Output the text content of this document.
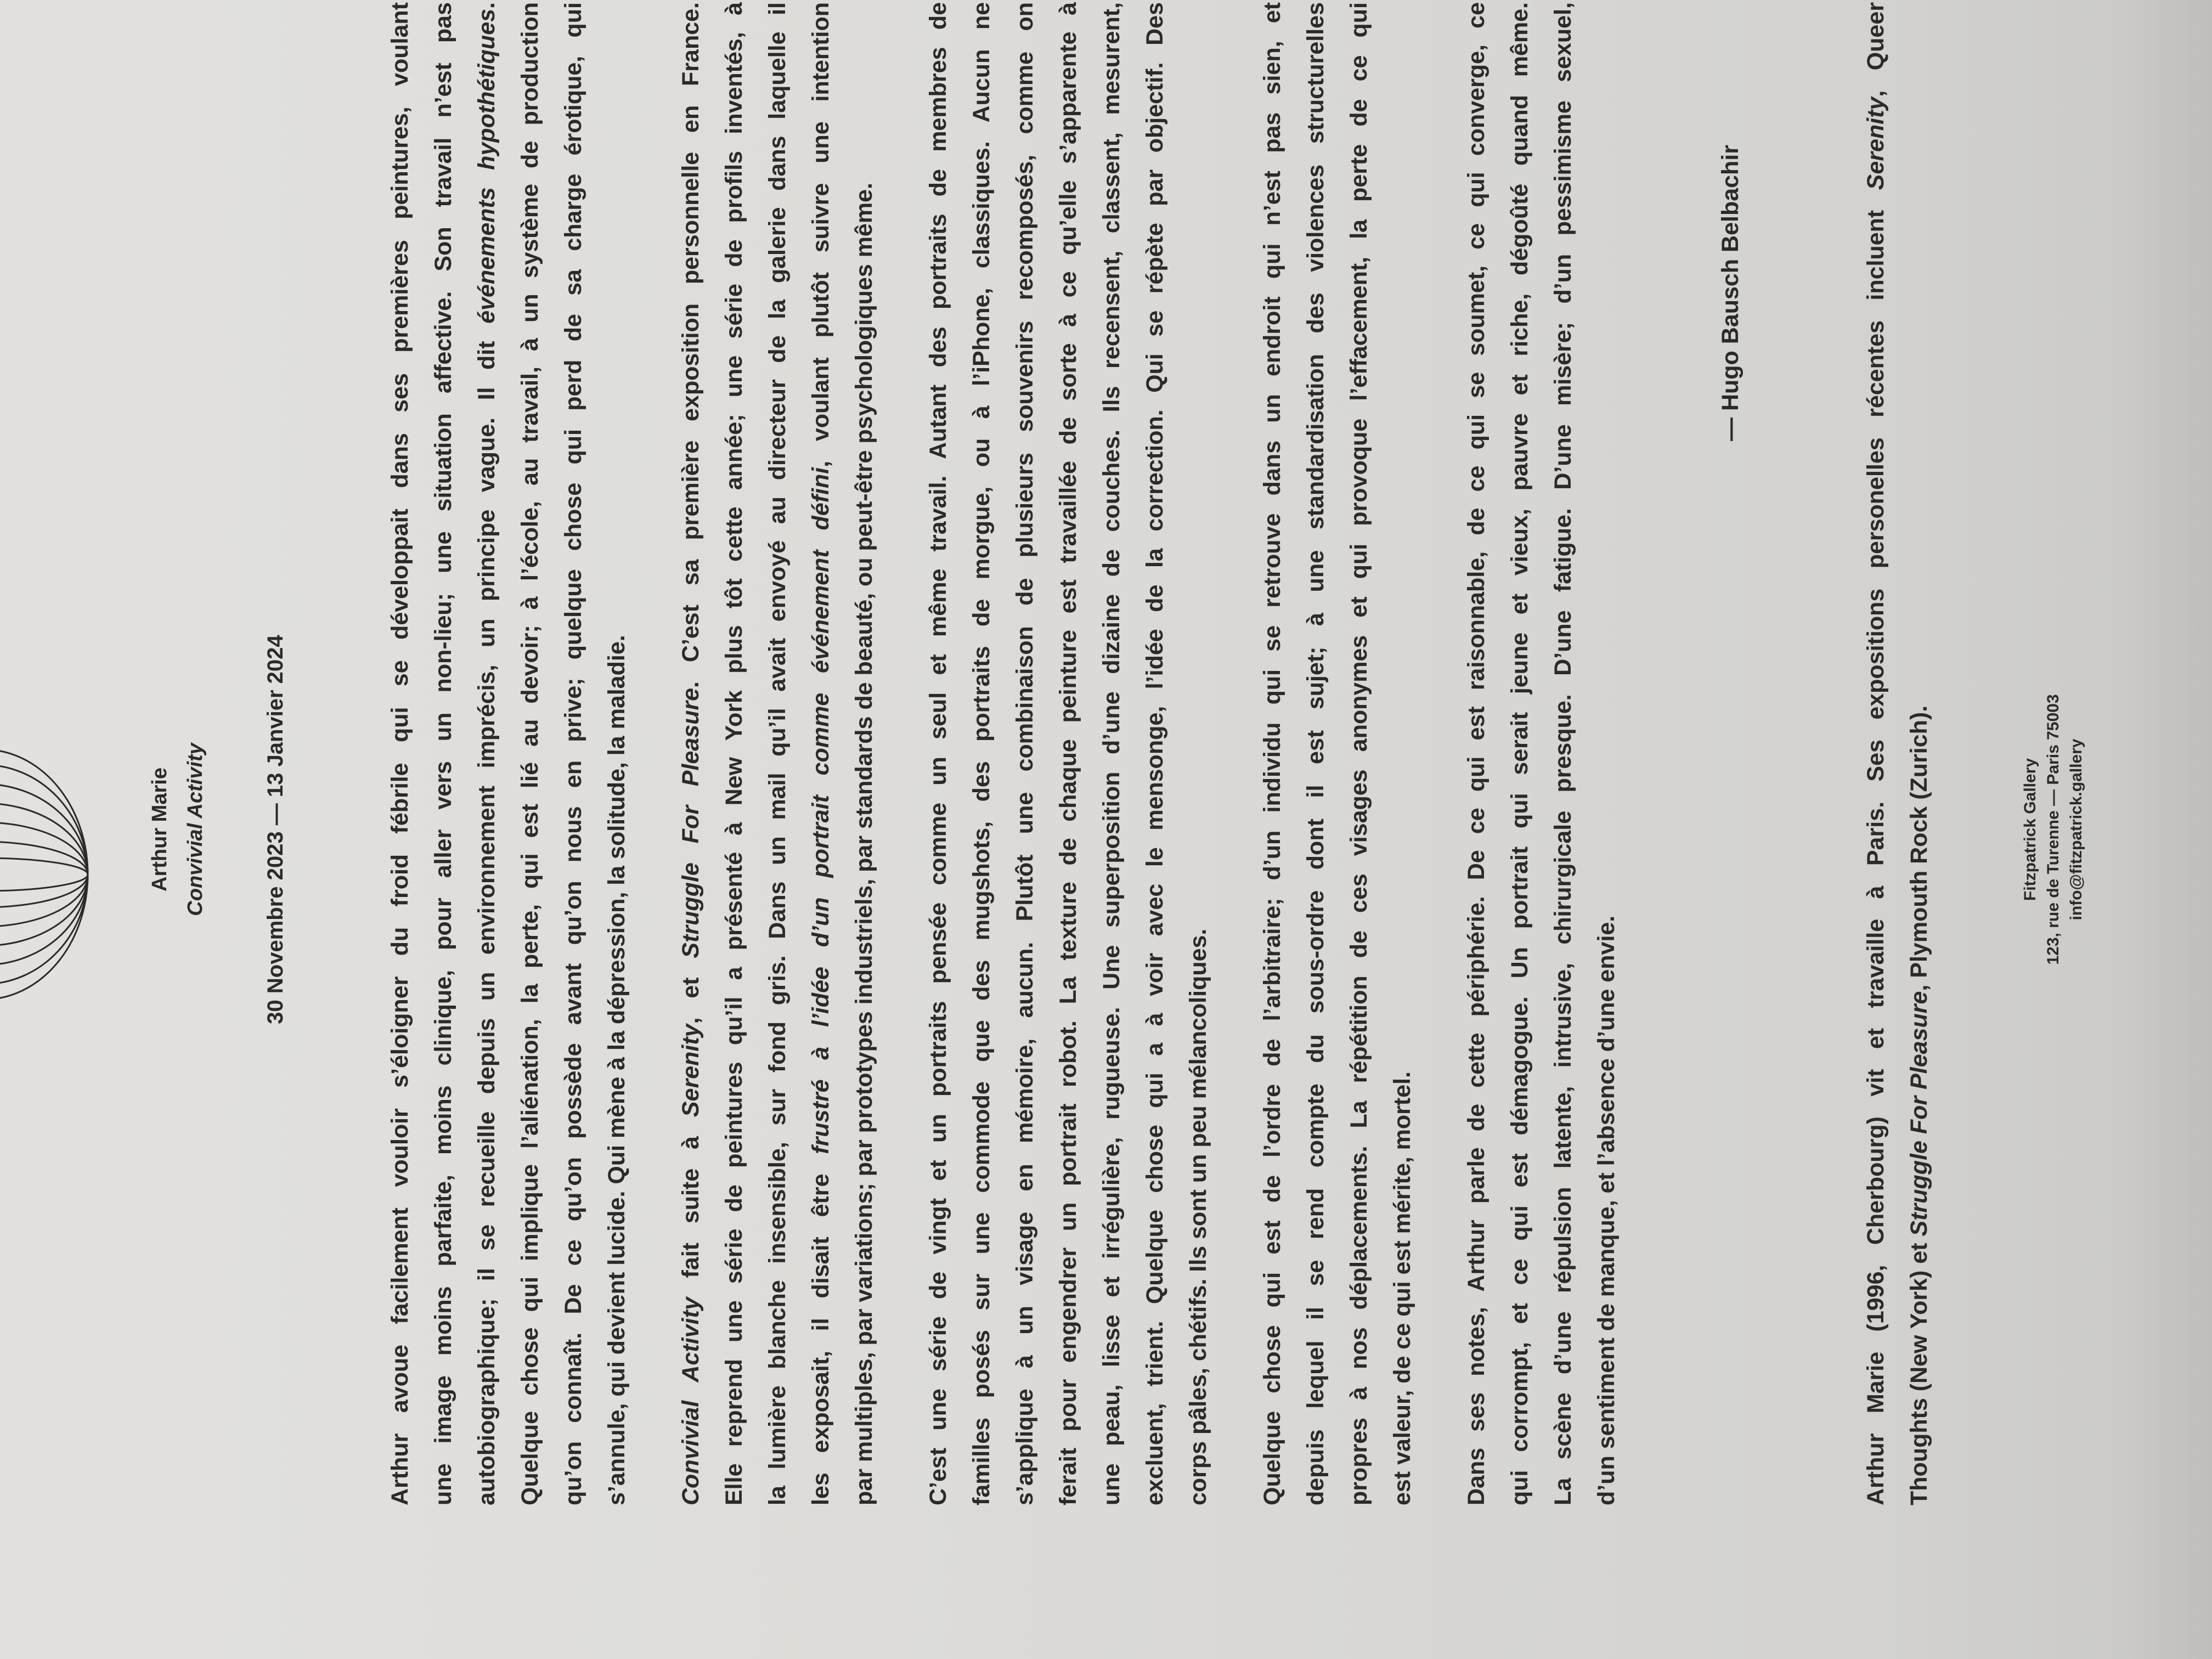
Arthur Marie Convivial Activity	30 Novembre 2023 — 13 Janvier 2024	Arthur avoue facilement vouloir s’éloigner du froid fébrile qui se développait dans ses premières peintures, voulant une image moins parfaite, moins clinique, pour aller vers un non-lieu; une situation affective. Son travail n’est pas autobiographique; il se recueille depuis un environnement imprécis, un principe vague. Il dit événements hypothétiques. Quelque chose qui implique l’aliénation, la perte, qui est lié au devoir; à l’école, au travail, à un système de production qu’on connaît. De ce qu’on possède avant qu’on nous en prive; quelque chose qui perd de sa charge érotique, qui s’annule, qui devient lucide. Qui mène à la dépression, la solitude, la maladie.	Convivial Activity fait suite à Serenity, et Struggle For Pleasure. C’est sa première exposition personnelle en France. Elle reprend une série de peintures qu’il a présenté à New York plus tôt cette année; une série de profils inventés, à la lumière blanche insensible, sur fond gris. Dans un mail qu’il avait envoyé au directeur de la galerie dans laquelle il les exposait, il disait être frustré à l’idée d’un portrait comme événement défini, voulant plutôt suivre une intention par multiples, par variations; par prototypes industriels, par standards de beauté, ou peut-être psychologiques même.	C’est une série de vingt et un portraits pensée comme un seul et même travail. Autant des portraits de membres de familles posés sur une commode que des mugshots, des portraits de morgue, ou à l’iPhone, classiques. Aucun ne s’applique à un visage en mémoire, aucun. Plutôt une combinaison de plusieurs souvenirs recomposés, comme on ferait pour engendrer un portrait robot. La texture de chaque peinture est travaillée de sorte à ce qu’elle s’apparente à une peau, lisse et irrégulière, rugueuse. Une superposition d’une dizaine de couches. Ils recensent, classent, mesurent, excluent, trient. Quelque chose qui a à voir avec le mensonge, l’idée de la correction. Qui se répète par objectif. Des corps pâles, chétifs. Ils sont un peu mélancoliques.	Quelque chose qui est de l’ordre de l’arbitraire; d’un individu qui se retrouve dans un endroit qui n’est pas sien, et depuis lequel il se rend compte du sous-ordre dont il est sujet; à une standardisation des violences structurelles propres à nos déplacements. La répétition de ces visages anonymes et qui provoque l’effacement, la perte de ce qui est valeur, de ce qui est mérite, mortel.	Dans ses notes, Arthur parle de cette périphérie. De ce qui est raisonnable, de ce qui se soumet, ce qui converge, ce qui corrompt, et ce qui est démagogue. Un portrait qui serait jeune et vieux, pauvre et riche, dégoûté quand même. La scène d’une répulsion latente, intrusive, chirurgicale presque. D’une fatigue. D’une misère; d’un pessimisme sexuel, d’un sentiment de manque, et l’absence d’une envie.
— Hugo Bausch Belbachir	Arthur Marie (1996, Cherbourg) vit et travaille à Paris. Ses expositions personelles récentes incluent Serenity, Queer
Thoughts (New York) et Struggle For Pleasure, Plymouth Rock (Zurich).	Fitzpatrick Gallery 123, rue de Turenne — Paris 75003 info@fitzpatrick.gallery
